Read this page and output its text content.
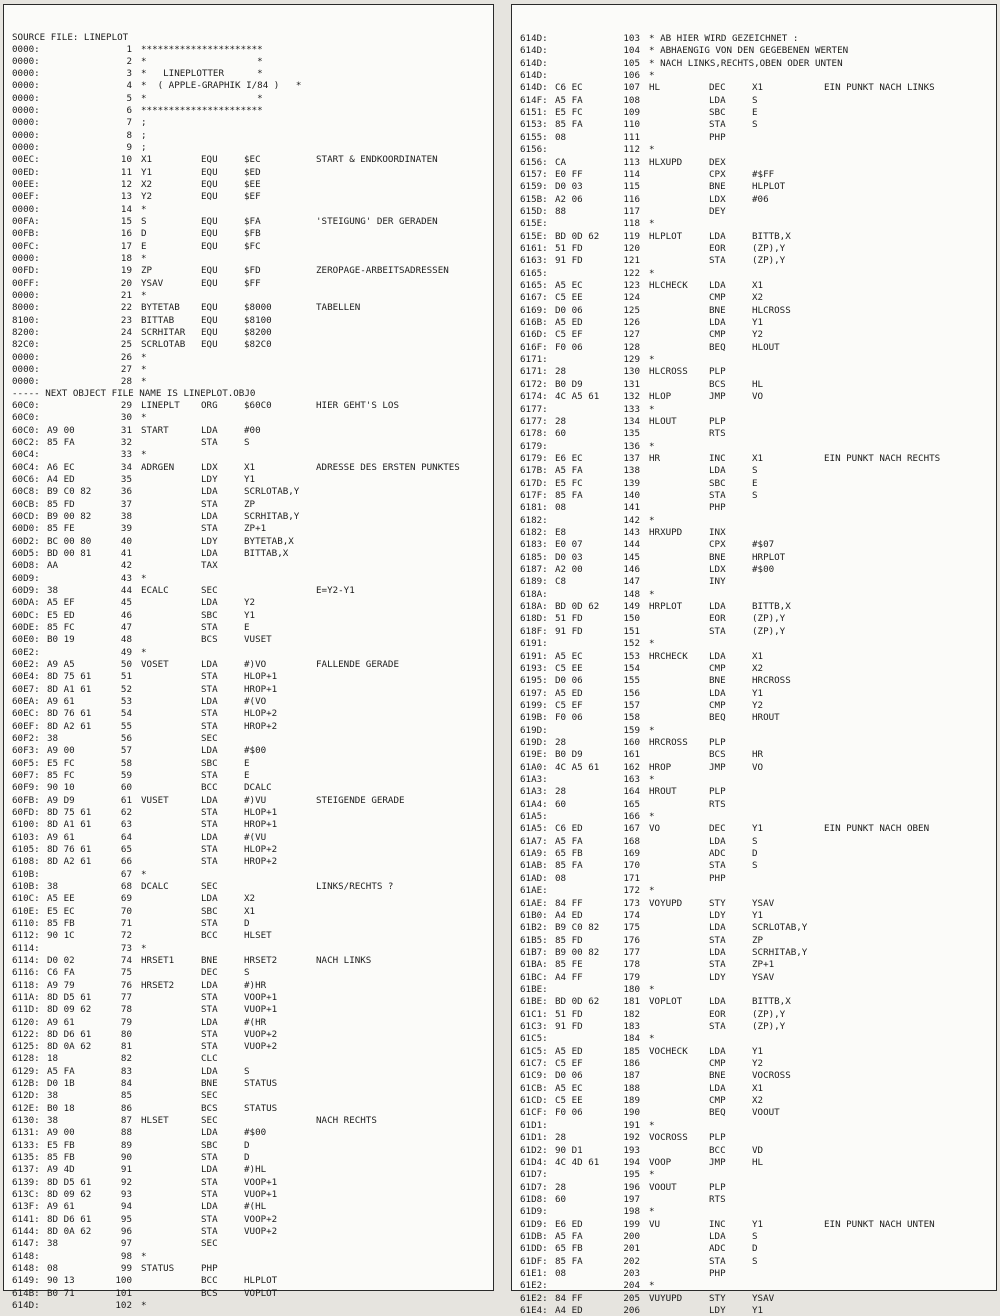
SOURCE FILE: LINEPLOT
0000:	1 **********************
0000:	2 *                    *
0000:	3 *   LINEPLOTTER      *
0000:	4 *  ( APPLE-GRAPHIK I/84 )   *
0000:	5 *                    *
0000:	6 **********************
0000:	7 ;
0000:	8 ;
0000:	9 ;
00EC:	10 X1	EQU	$EC	START & ENDKOORDINATEN
00ED:	11 Y1	EQU	$ED
00EE:	12 X2	EQU	$EE
00EF:	13 Y2	EQU	$EF
0000:	14 *
00FA:	15 S	EQU	$FA	'STEIGUNG' DER GERADEN
00FB:	16 D	EQU	$FB
00FC:	17 E	EQU	$FC
0000:	18 *
00FD:	19 ZP	EQU	$FD	ZEROPAGE-ARBEITSADRESSEN
00FF:	20 YSAV	EQU	$FF
0000:	21 *
8000:	22 BYTETAB EQU	$8000	TABELLEN
8100:	23 BITTAB	EQU	$8100
8200:	24 SCRHITAR EQU	$8200
82C0:	25 SCRLOTAB EQU	$82C0
0000:	26 *
0000:	27 *
0000:	28 *
----- NEXT OBJECT FILE NAME IS LINEPLOT.OBJ0
60C0:	29 LINEPLT ORG	$60C0	HIER GEHT'S LOS
60C0:	30 *
60C0: A9 00	31 START	LDA	#00
60C2: 85 FA	32	STA	S
60C4:	33 *
60C4: A6 EC	34 ADRGEN	LDX	X1	ADRESSE DES ERSTEN PUNKTES
60C6: A4 ED	35	LDY	Y1
60C8: B9 C0 82	36	LDA	SCRLOTAB,Y
60CB: 85 FD	37	STA	ZP
60CD: B9 00 82	38	LDA	SCRHITAB,Y
60D0: 85 FE	39	STA	ZP+1
60D2: BC 00 80	40	LDY	BYTETAB,X
60D5: BD 00 81	41	LDA	BITTAB,X
60D8: AA	42	TAX
60D9:	43 *
60D9: 38	44 ECALC	SEC	E=Y2-Y1
60DA: A5 EF	45	LDA	Y2
60DC: E5 ED	46	SBC	Y1
60DE: 85 FC	47	STA	E
60E0: B0 19	48	BCS	VUSET
60E2:	49 *
60E2: A9 A5	50 VOSET	LDA	#)VO	FALLENDE GERADE
60E4: 8D 75 61	51	STA	HLOP+1
60E7: 8D A1 61	52	STA	HROP+1
60EA: A9 61	53	LDA	#(VO
60EC: 8D 76 61	54	STA	HLOP+2
60EF: 8D A2 61	55	STA	HROP+2
60F2: 38	56	SEC
60F3: A9 00	57	LDA	#$00
60F5: E5 FC	58	SBC	E
60F7: 85 FC	59	STA	E
60F9: 90 10	60	BCC	DCALC
60FB: A9 D9	61 VUSET	LDA	#)VU	STEIGENDE GERADE
60FD: 8D 75 61	62	STA	HLOP+1
6100: 8D A1 61	63	STA	HROP+1
6103: A9 61	64	LDA	#(VU
6105: 8D 76 61	65	STA	HLOP+2
6108: 8D A2 61	66	STA	HROP+2
610B:	67 *
610B: 38	68 DCALC	SEC	LINKS/RECHTS ?
610C: A5 EE	69	LDA	X2
610E: E5 EC	70	SBC	X1
6110: 85 FB	71	STA	D
6112: 90 1C	72	BCC	HLSET
6114:	73 *
6114: D0 02	74 HRSET1	BNE	HRSET2	NACH LINKS
6116: C6 FA	75	DEC	S
6118: A9 79	76 HRSET2	LDA	#)HR
611A: 8D D5 61	77	STA	VOOP+1
611D: 8D 09 62	78	STA	VUOP+1
6120: A9 61	79	LDA	#(HR
6122: 8D D6 61	80	STA	VUOP+2
6125: 8D 0A 62	81	STA	VUOP+2
6128: 18	82	CLC
6129: A5 FA	83	LDA	S
612B: D0 1B	84	BNE	STATUS
612D: 38	85	SEC
612E: B0 18	86	BCS	STATUS
6130: 38	87 HLSET	SEC	NACH RECHTS
6131: A9 00	88	LDA	#$00
6133: E5 FB	89	SBC	D
6135: 85 FB	90	STA	D
6137: A9 4D	91	LDA	#)HL
6139: 8D D5 61	92	STA	VOOP+1
613C: 8D 09 62	93	STA	VUOP+1
613F: A9 61	94	LDA	#(HL
6141: 8D D6 61	95	STA	VOOP+2
6144: 8D 0A 62	96	STA	VUOP+2
6147: 38	97	SEC
6148:	98 *
6148: 08	99 STATUS	PHP
6149: 90 13	100	BCC	HLPLOT
614B: B0 71	101	BCS	VOPLOT
614D:	102 *
614D:	103 * AB HIER WIRD GEZEICHNET :
614D:	104 * ABHAENGIG VON DEN GEGEBENEN WERTEN
614D:	105 * NACH LINKS,RECHTS,OBEN ODER UNTEN
614D:	106 *
614D: C6 EC	107 HL	DEC	X1	EIN PUNKT NACH LINKS
614F: A5 FA	108	LDA	S
6151: E5 FC	109	SBC	E
6153: 85 FA	110	STA	S
6155: 08	111	PHP
6156:	112 *
6156: CA	113 HLXUPD	DEX
6157: E0 FF	114	CPX	#$FF
6159: D0 03	115	BNE	HLPLOT
615B: A2 06	116	LDX	#06
615D: 88	117	DEY
615E:	118 *
615E: BD 0D 62	119 HLPLOT	LDA	BITTB,X
6161: 51 FD	120	EOR	(ZP),Y
6163: 91 FD	121	STA	(ZP),Y
6165:	122 *
6165: A5 EC	123 HLCHECK LDA	X1
6167: C5 EE	124	CMP	X2
6169: D0 06	125	BNE	HLCROSS
616B: A5 ED	126	LDA	Y1
616D: C5 EF	127	CMP	Y2
616F: F0 06	128	BEQ	HLOUT
6171:	129 *
6171: 28	130 HLCROSS PLP
6172: B0 D9	131	BCS	HL
6174: 4C A5 61	132 HLOP	JMP	VO
6177:	133 *
6177: 28	134 HLOUT	PLP
6178: 60	135	RTS
6179:	136 *
6179: E6 EC	137 HR	INC	X1	EIN PUNKT NACH RECHTS
617B: A5 FA	138	LDA	S
617D: E5 FC	139	SBC	E
617F: 85 FA	140	STA	S
6181: 08	141	PHP
6182:	142 *
6182: E8	143 HRXUPD	INX
6183: E0 07	144	CPX	#$07
6185: D0 03	145	BNE	HRPLOT
6187: A2 00	146	LDX	#$00
6189: C8	147	INY
618A:	148 *
618A: BD 0D 62	149 HRPLOT	LDA	BITTB,X
618D: 51 FD	150	EOR	(ZP),Y
618F: 91 FD	151	STA	(ZP),Y
6191:	152 *
6191: A5 EC	153 HRCHECK LDA	X1
6193: C5 EE	154	CMP	X2
6195: D0 06	155	BNE	HRCROSS
6197: A5 ED	156	LDA	Y1
6199: C5 EF	157	CMP	Y2
619B: F0 06	158	BEQ	HROUT
619D:	159 *
619D: 28	160 HRCROSS PLP
619E: B0 D9	161	BCS	HR
61A0: 4C A5 61	162 HROP	JMP	VO
61A3:	163 *
61A3: 28	164 HROUT	PLP
61A4: 60	165	RTS
61A5:	166 *
61A5: C6 ED	167 VO	DEC	Y1	EIN PUNKT NACH OBEN
61A7: A5 FA	168	LDA	S
61A9: 65 FB	169	ADC	D
61AB: 85 FA	170	STA	S
61AD: 08	171	PHP
61AE:	172 *
61AE: 84 FF	173 VOYUPD	STY	YSAV
61B0: A4 ED	174	LDY	Y1
61B2: B9 C0 82	175	LDA	SCRLOTAB,Y
61B5: 85 FD	176	STA	ZP
61B7: B9 00 82	177	LDA	SCRHITAB,Y
61BA: 85 FE	178	STA	ZP+1
61BC: A4 FF	179	LDY	YSAV
61BE:	180 *
61BE: BD 0D 62	181 VOPLOT	LDA	BITTB,X
61C1: 51 FD	182	EOR	(ZP),Y
61C3: 91 FD	183	STA	(ZP),Y
61C5:	184 *
61C5: A5 ED	185 VOCHECK LDA	Y1
61C7: C5 EF	186	CMP	Y2
61C9: D0 06	187	BNE	VOCROSS
61CB: A5 EC	188	LDA	X1
61CD: C5 EE	189	CMP	X2
61CF: F0 06	190	BEQ	VOOUT
61D1:	191 *
61D1: 28	192 VOCROSS PLP
61D2: 90 D1	193	BCC	VD
61D4: 4C 4D 61	194 VOOP	JMP	HL
61D7:	195 *
61D7: 28	196 VOOUT	PLP
61D8: 60	197	RTS
61D9:	198 *
61D9: E6 ED	199 VU	INC	Y1	EIN PUNKT NACH UNTEN
61DB: A5 FA	200	LDA	S
61DD: 65 FB	201	ADC	D
61DF: 85 FA	202	STA	S
61E1: 08	203	PHP
61E2:	204 *
61E2: 84 FF	205 VUYUPD	STY	YSAV
61E4: A4 ED	206	LDY	Y1
